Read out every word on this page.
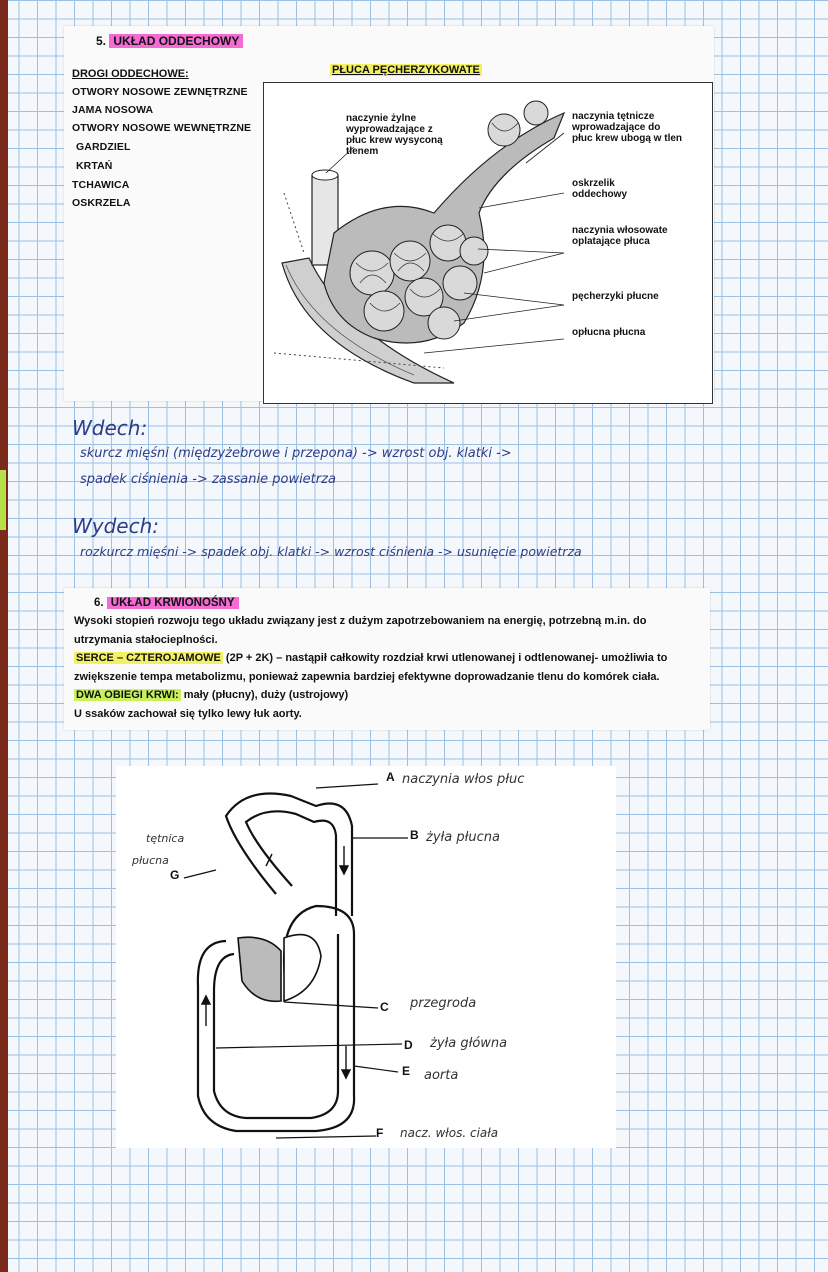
5. UKŁAD ODDECHOWY
PŁUCA PĘCHERZYKOWATE
DROGI ODDECHOWE:
OTWORY NOSOWE ZEWNĘTRZNE
JAMA NOSOWA
OTWORY NOSOWE WEWNĘTRZNE
GARDZIEL
KRTAŃ
TCHAWICA
OSKRZELA
naczynie żylne wyprowadzające z płuc krew wysyconą tlenem
naczynia tętnicze wprowadzające do płuc krew ubogą w tlen
oskrzelik oddechowy
naczynia włosowate oplatające płuca
pęcherzyki płucne
opłucna płucna
Wdech:
skurcz mięśni (międzyżebrowe i przepona) -> wzrost obj. klatki ->
spadek ciśnienia -> zassanie powietrza
Wydech:
rozkurcz mięśni -> spadek obj. klatki -> wzrost ciśnienia -> usunięcie powietrza
6. UKŁAD KRWIONOŚNY
Wysoki stopień rozwoju tego układu związany jest z dużym zapotrzebowaniem na energię, potrzebną m.in. do utrzymania stałocieplności.
SERCE – CZTEROJAMOWE (2P + 2K) – nastąpił całkowity rozdział krwi utlenowanej i odtlenowanej- umożliwia to zwiększenie tempa metabolizmu, ponieważ zapewnia bardziej efektywne doprowadzanie tlenu do komórek ciała.
DWA OBIEGI KRWI: mały (płucny), duży (ustrojowy)
U ssaków zachował się tylko lewy łuk aorty.
A naczynia włos płuc
B żyła płucna
tętnica
płucna
G
C przegroda
D żyła główna
E aorta
F nacz. włos. ciała
